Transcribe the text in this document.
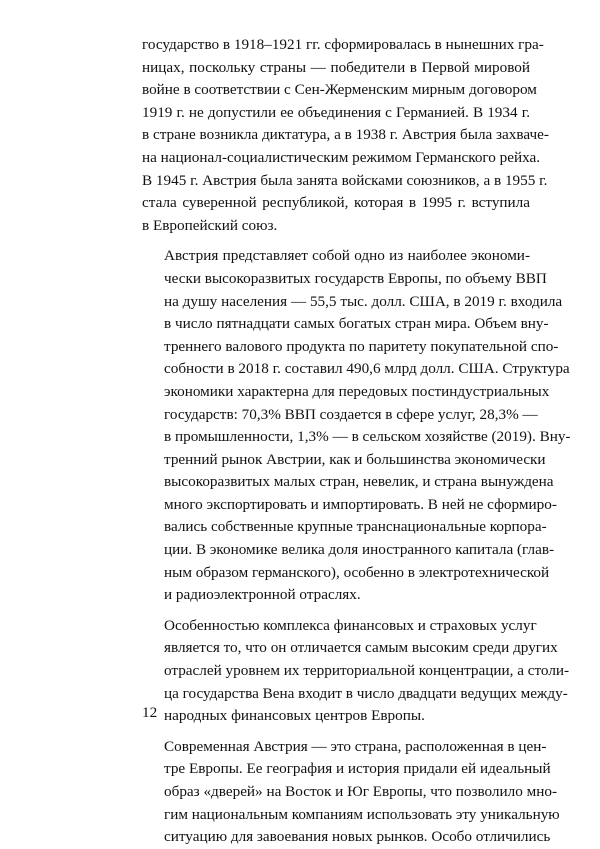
государство в 1918–1921 гг. сформировалась в нынешних гра-
ницах, поскольку страны — победители в Первой мировой
войне в соответствии с Сен-Жерменским мирным договором
1919 г. не допустили ее объединения с Германией. В 1934 г.
в стране возникла диктатура, а в 1938 г. Австрия была захваче-
на национал-социалистическим режимом Германского рейха.
В 1945 г. Австрия была занята войсками союзников, а в 1955 г.
стала суверенной республикой, которая в 1995 г. вступила
в Европейский союз.
Австрия представляет собой одно из наиболее экономи-
чески высокоразвитых государств Европы, по объему ВВП
на душу населения — 55,5 тыс. долл. США, в 2019 г. входила
в число пятнадцати самых богатых стран мира. Объем вну-
треннего валового продукта по паритету покупательной спо-
собности в 2018 г. составил 490,6 млрд долл. США. Структура
экономики характерна для передовых постиндустриальных
государств: 70,3% ВВП создается в сфере услуг, 28,3% —
в промышленности, 1,3% — в сельском хозяйстве (2019). Вну-
тренний рынок Австрии, как и большинства экономически
высокоразвитых малых стран, невелик, и страна вынуждена
много экспортировать и импортировать. В ней не сформиро-
вались собственные крупные транснациональные корпора-
ции. В экономике велика доля иностранного капитала (глав-
ным образом германского), особенно в электротехнической
и радиоэлектронной отраслях.
Особенностью комплекса финансовых и страховых услуг
является то, что он отличается самым высоким среди других
отраслей уровнем их территориальной концентрации, а столи-
ца государства Вена входит в число двадцати ведущих между-
народных финансовых центров Европы.
Современная Австрия — это страна, расположенная в цен-
тре Европы. Ее география и история придали ей идеальный
образ «дверей» на Восток и Юг Европы, что позволило мно-
гим национальным компаниям использовать эту уникальную
ситуацию для завоевания новых рынков. Особо отличились
12
